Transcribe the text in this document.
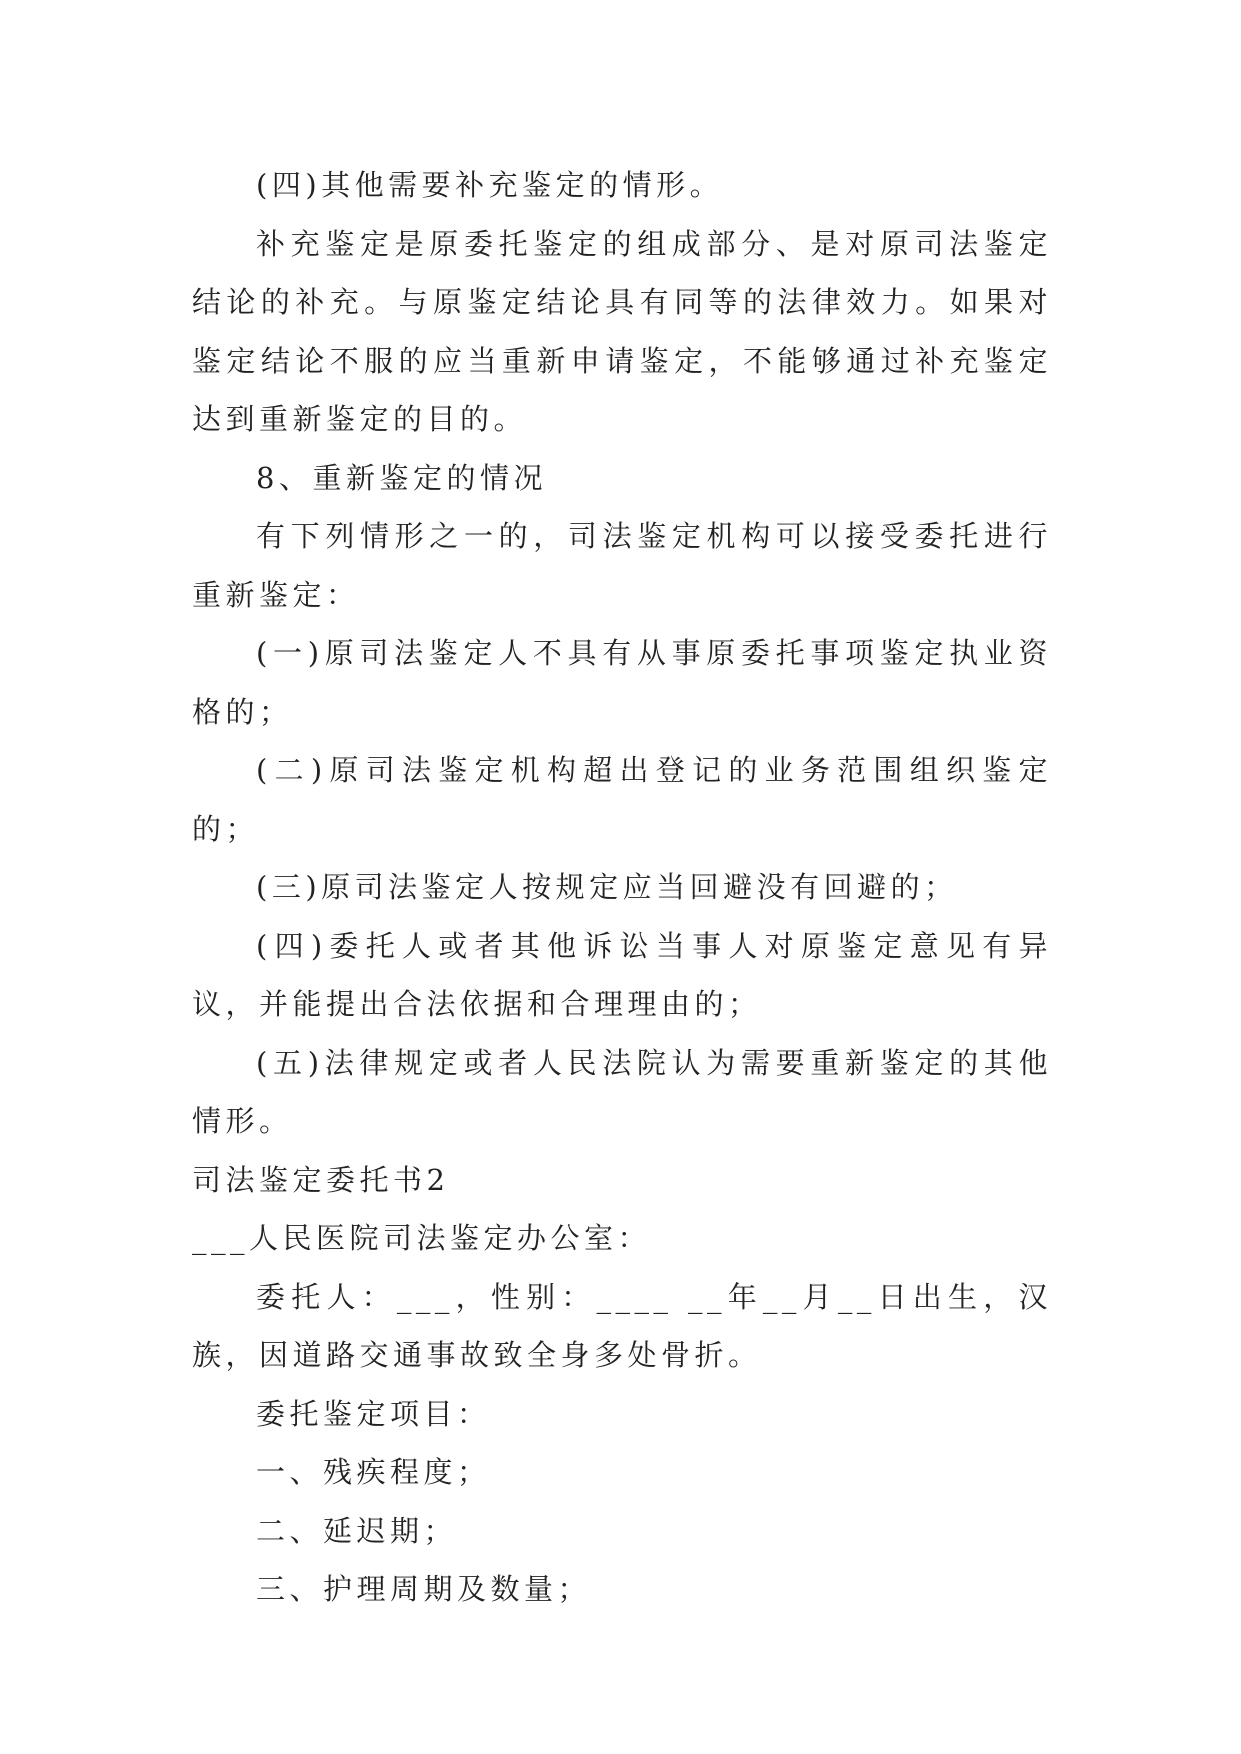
(四)其他需要补充鉴定的情形。

补充鉴定是原委托鉴定的组成部分、是对原司法鉴定结论的补充。与原鉴定结论具有同等的法律效力。如果对鉴定结论不服的应当重新申请鉴定，不能够通过补充鉴定达到重新鉴定的目的。

8、重新鉴定的情况

有下列情形之一的，司法鉴定机构可以接受委托进行重新鉴定：

(一)原司法鉴定人不具有从事原委托事项鉴定执业资格的；

(二)原司法鉴定机构超出登记的业务范围组织鉴定的；

(三)原司法鉴定人按规定应当回避没有回避的；

(四)委托人或者其他诉讼当事人对原鉴定意见有异议，并能提出合法依据和合理理由的；

(五)法律规定或者人民法院认为需要重新鉴定的其他情形。

司法鉴定委托书2

___人民医院司法鉴定办公室：

委托人：___，性别：____ __年__月__日出生，汉族，因道路交通事故致全身多处骨折。

委托鉴定项目：

一、残疾程度；

二、延迟期；

三、护理周期及数量；
